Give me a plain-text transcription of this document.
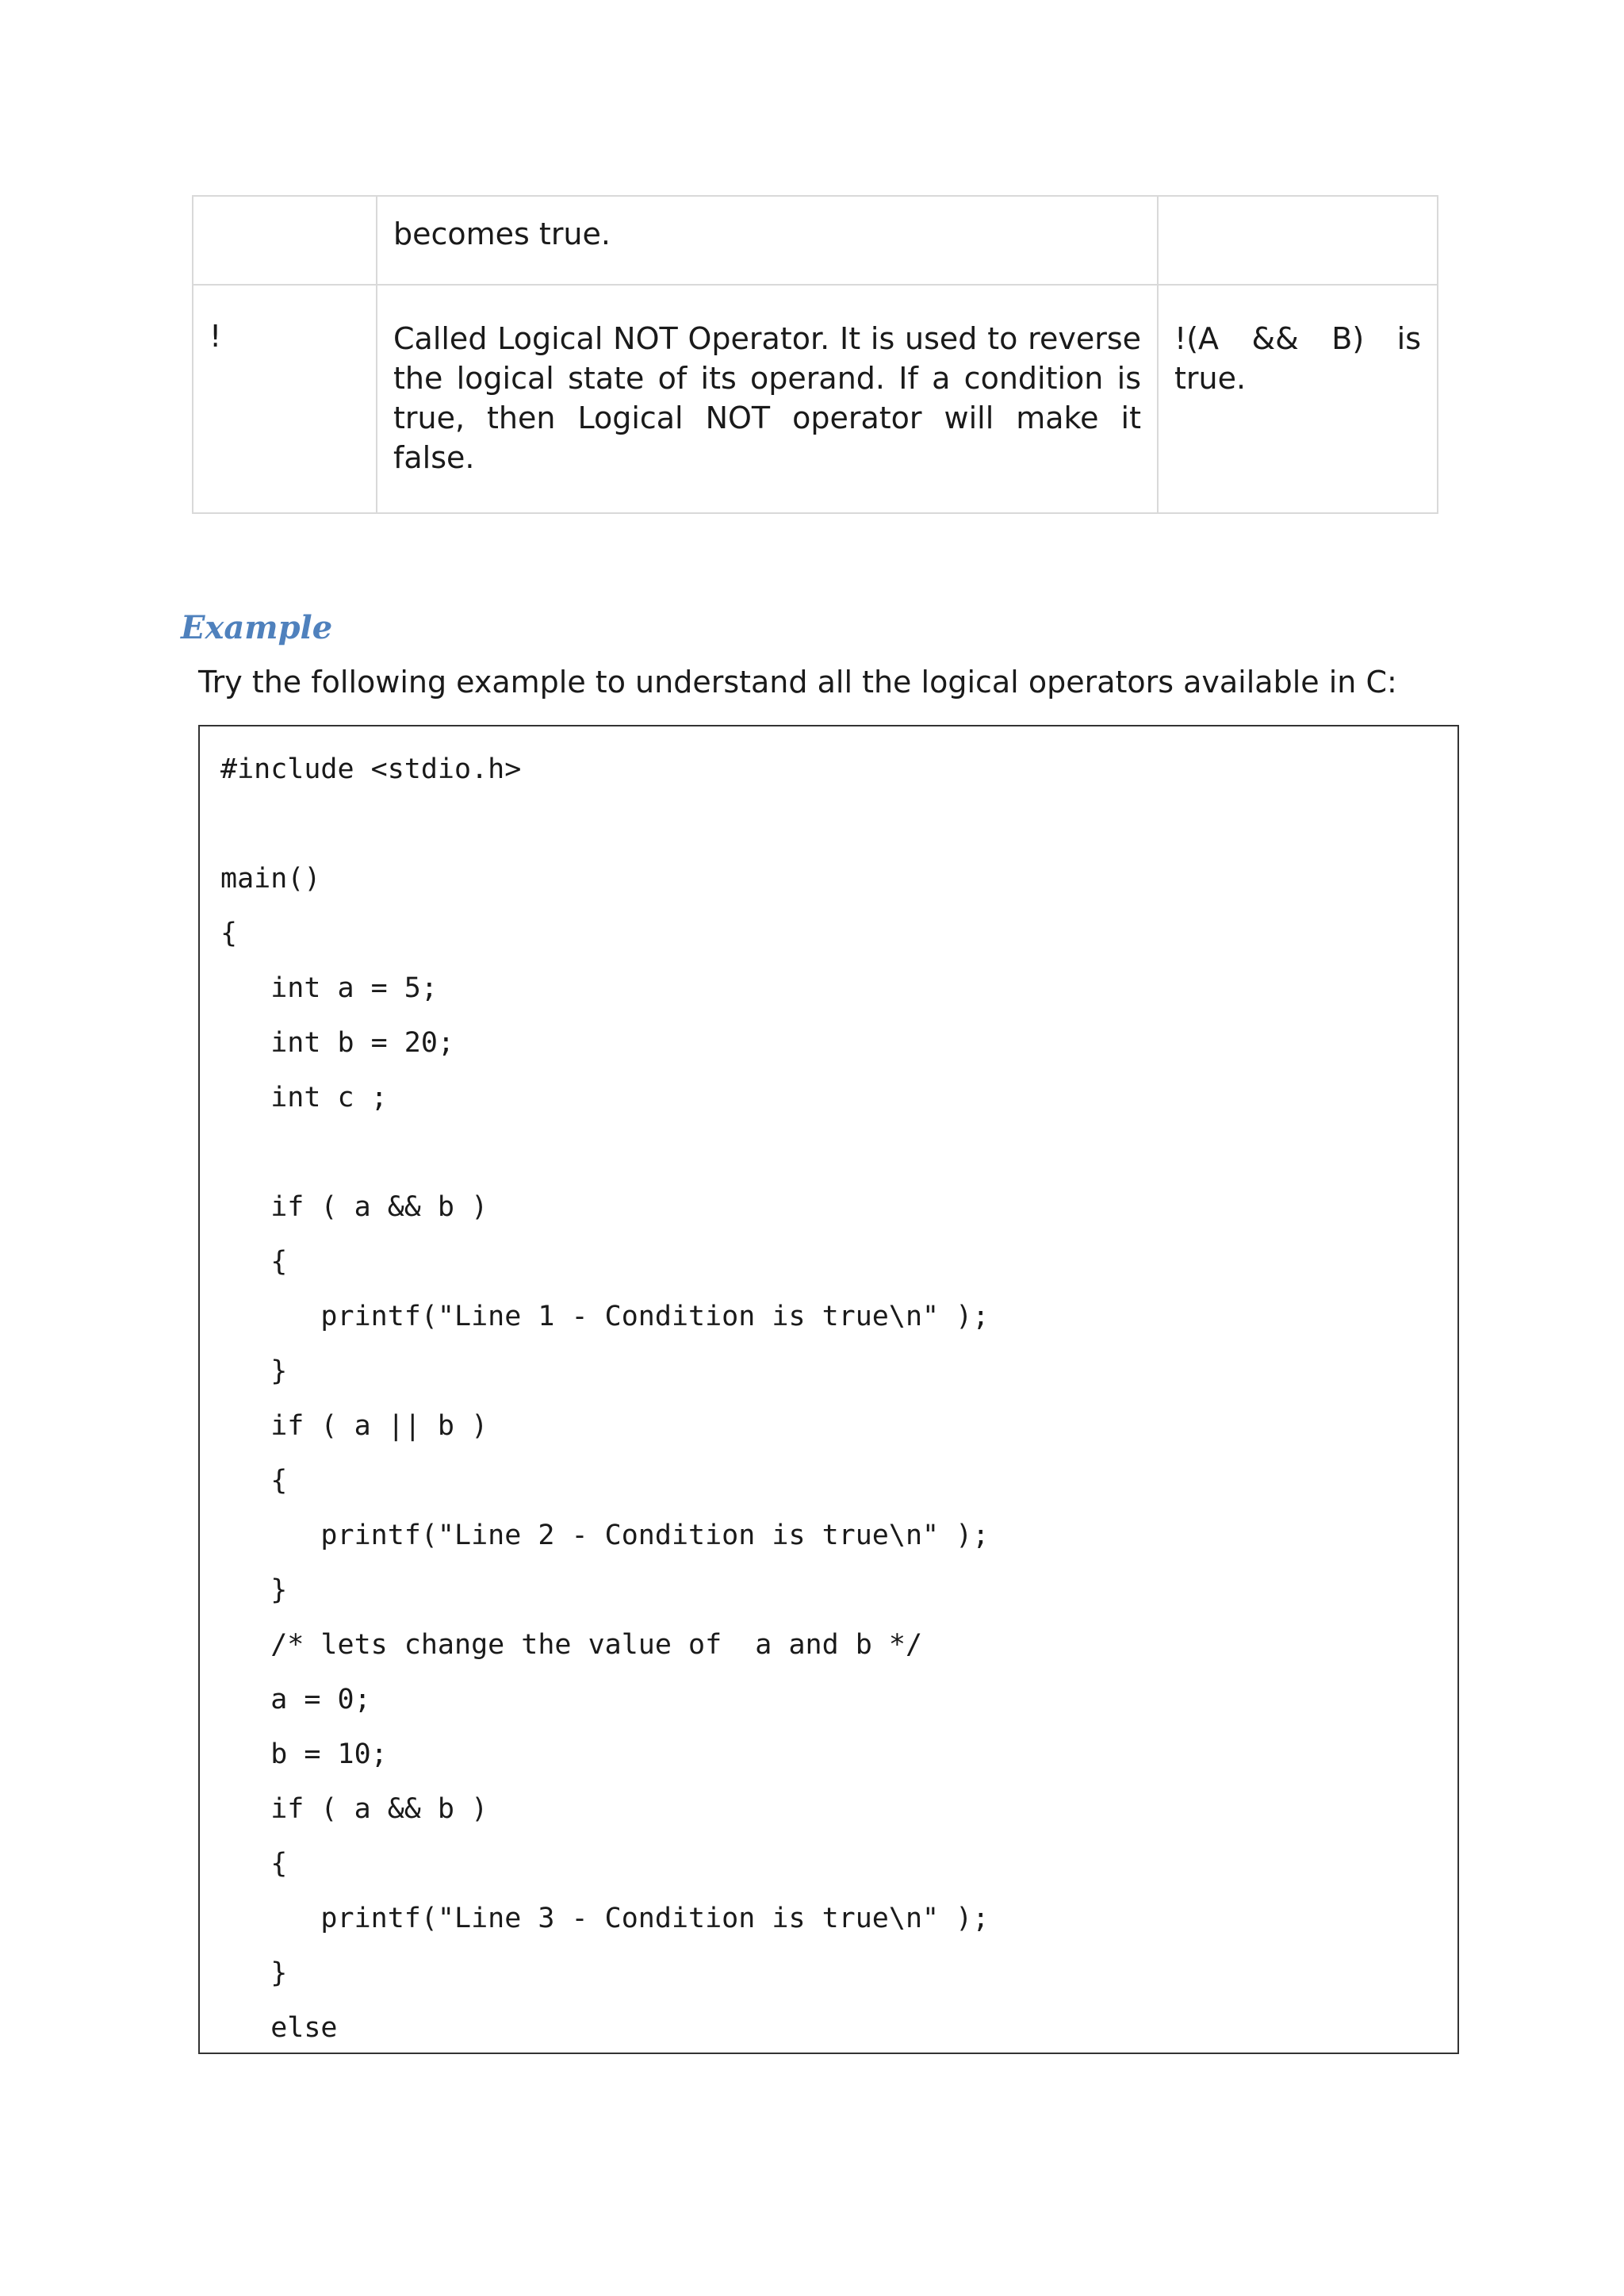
	becomes true.	
!	Called Logical NOT Operator. It is used to reverse the logical state of its operand. If a condition is true, then Logical NOT operator will make it false.	!(A && B) is true.
Example

Try the following example to understand all the logical operators available in C:

#include <stdio.h>
main()
{
int a = 5;
int b = 20;
int c ;
if ( a && b )
{
printf("Line 1 - Condition is true\n" );
}
if ( a || b )
{
printf("Line 2 - Condition is true\n" );
}
/* lets change the value of  a and b */
a = 0;
b = 10;
if ( a && b )
{
printf("Line 3 - Condition is true\n" );
}
else
